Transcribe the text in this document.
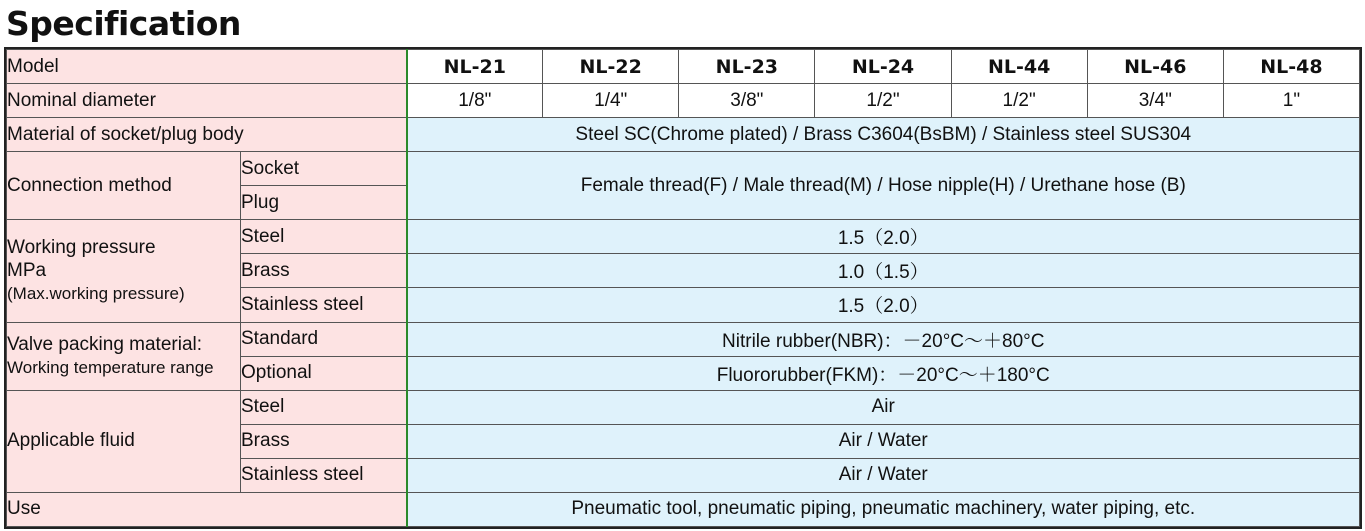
Specification
Model		NL-21	NL-22	NL-23	NL-24	NL-44	NL-46	NL-48
Nominal diameter		1/8"	1/4"	3/8"	1/2"	1/2"	3/4"	1"
Material of socket/plug body		Steel SC(Chrome plated) / Brass C3604(BsBM) / Stainless steel SUS304						
Connection method	Socket	Female thread(F) / Male thread(M) / Hose nipple(H) / Urethane hose (B)						
	Plug							

Working pressure
MPa
(Max.working pressure)	Steel	1.5（2.0）						
	Brass	1.0（1.5）						
	Stainless steel	1.5（2.0）						

Valve packing material:
Working temperature range	Standard	Nitrile rubber(NBR)：－20°C～＋80°C						
	Optional	Fluororubber(FKM)：－20°C～＋180°C						
Applicable fluid	Steel	Air						
	Brass	Air / Water						
	Stainless steel	Air / Water						
Use		Pneumatic tool, pneumatic piping, pneumatic machinery, water piping, etc.						
